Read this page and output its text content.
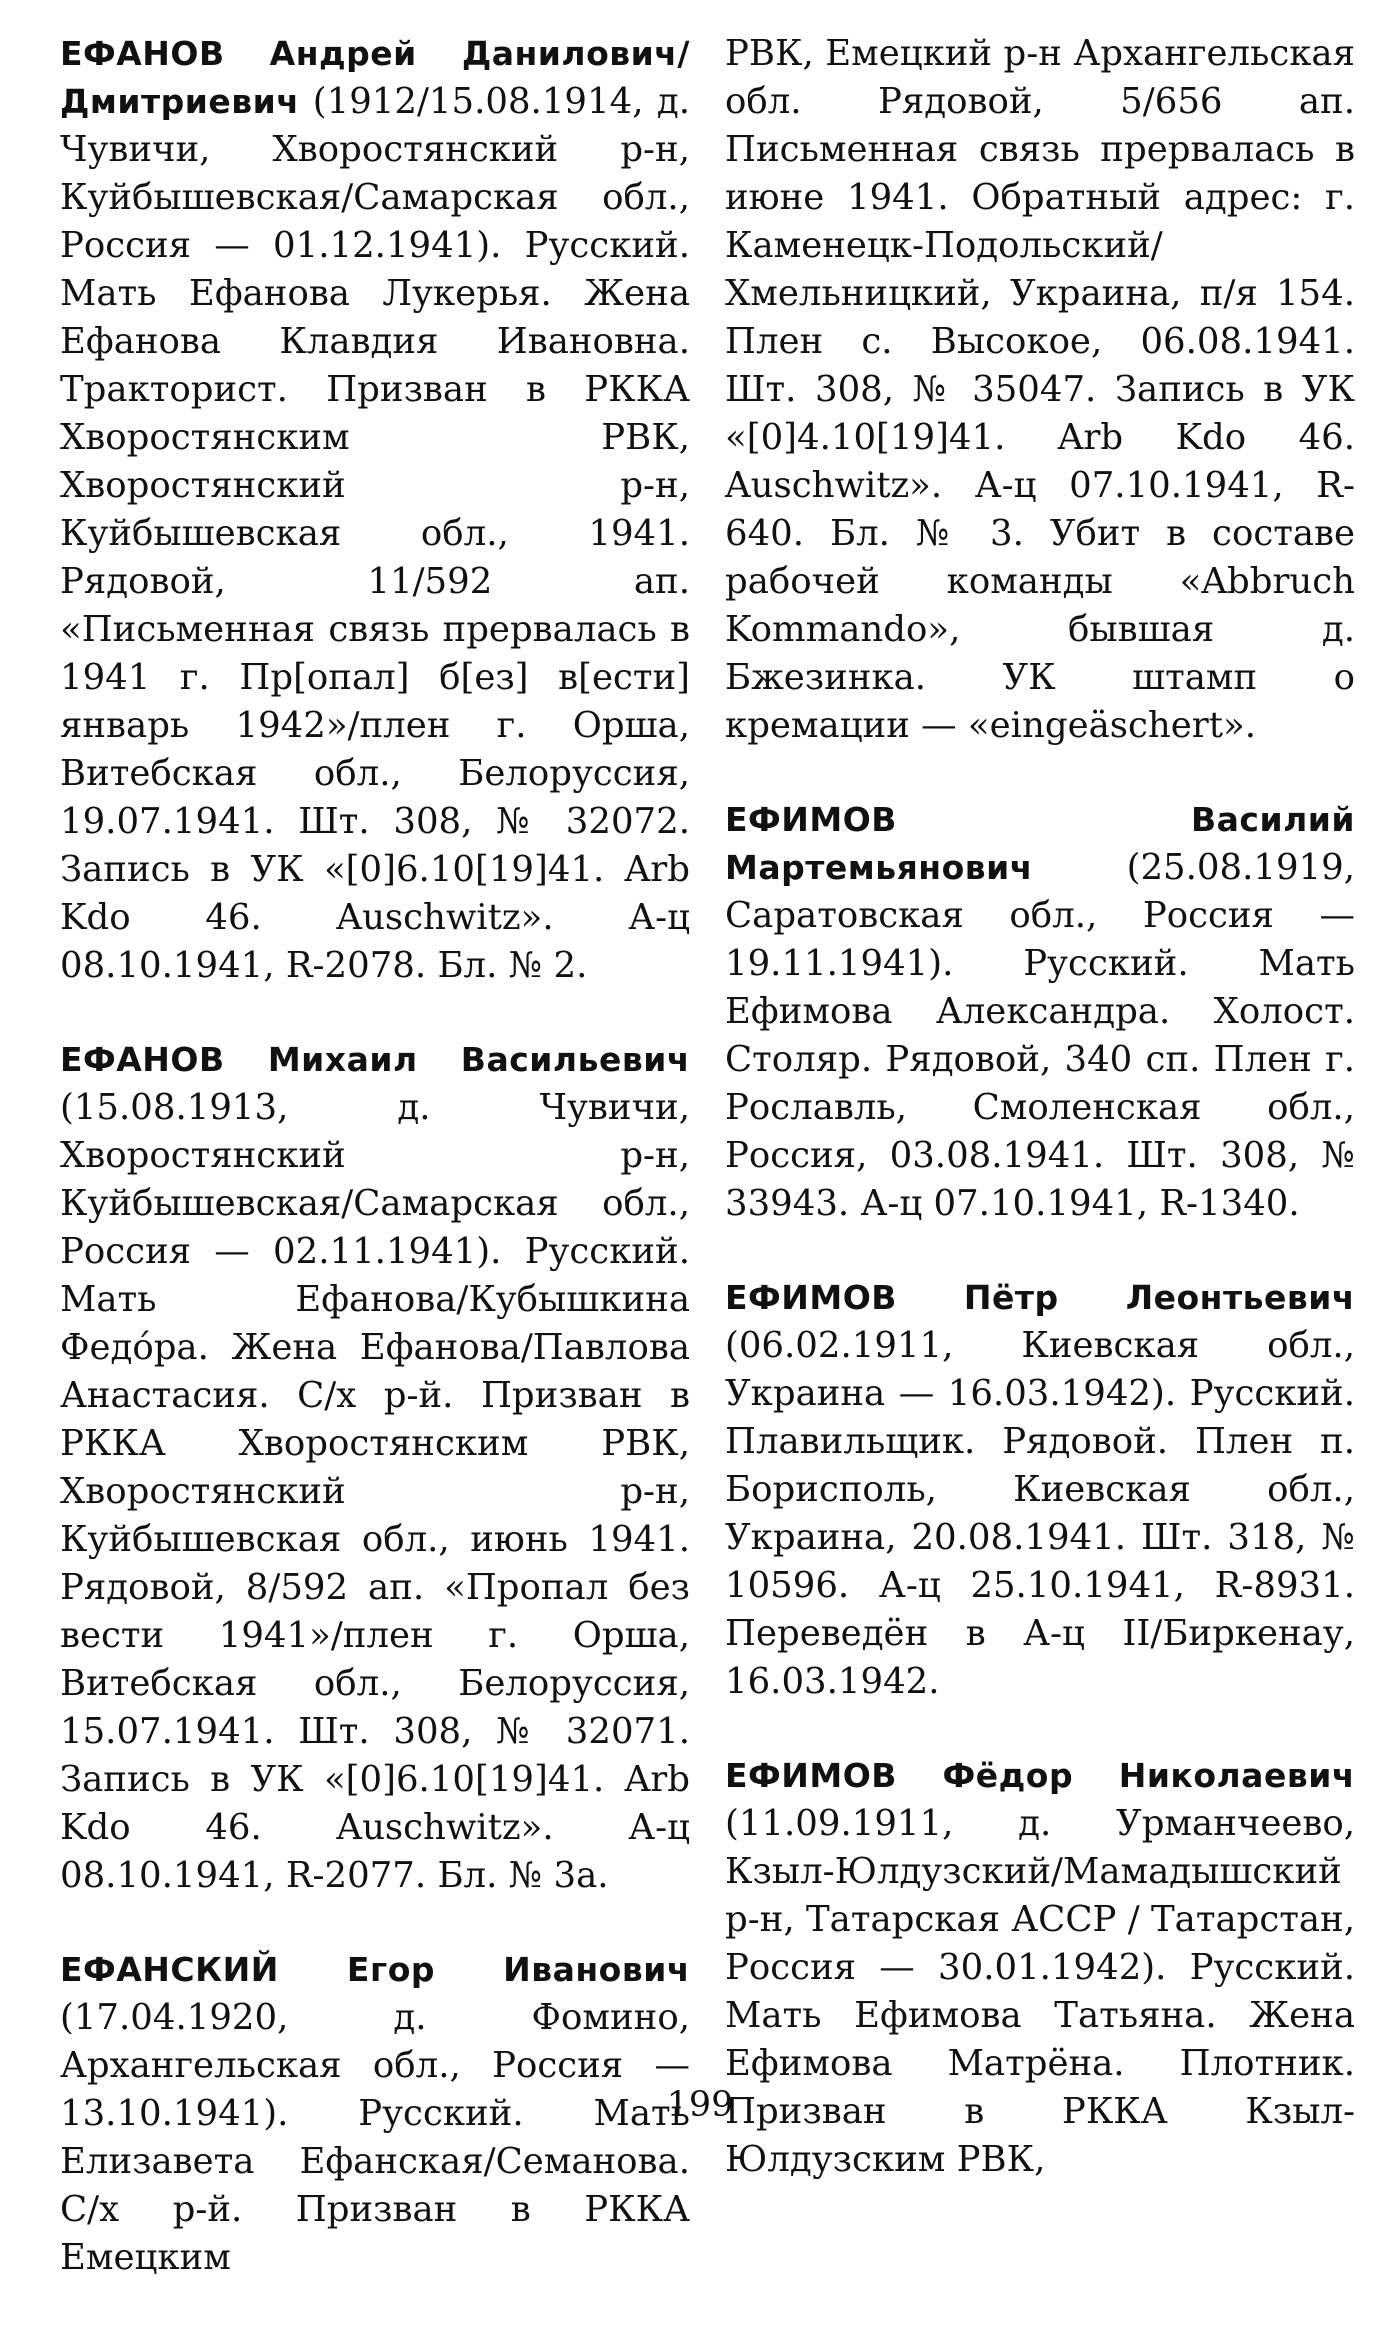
ЕФАНОВ Андрей Данилович/Дмитриевич (1912/15.08.1914, д. Чувичи, Хворостянский р-н, Куйбышевская/Самарская обл., Россия — 01.12.1941). Русский. Мать Ефанова Лукерья. Жена Ефанова Клавдия Ивановна. Тракторист. Призван в РККА Хворостянским РВК, Хворостянский р-н, Куйбышевская обл., 1941. Рядовой, 11/592 ап. «Письменная связь прервалась в 1941 г. Пр[опал] б[ез] в[ести] январь 1942»/плен г. Орша, Витебская обл., Белоруссия, 19.07.1941. Шт. 308, № 32072. Запись в УК «[0]6.10[19]41. Arb Kdo 46. Auschwitz». А-ц 08.10.1941, R-2078. Бл. № 2.

ЕФАНОВ Михаил Васильевич (15.08.1913, д. Чувичи, Хворостянский р-н, Куйбышевская/Самарская обл., Россия — 02.11.1941). Русский. Мать Ефанова/Кубышкина Федóра. Жена Ефанова/Павлова Анастасия. С/х р-й. Призван в РККА Хворостянским РВК, Хворостянский р-н, Куйбышевская обл., июнь 1941. Рядовой, 8/592 ап. «Пропал без вести 1941»/плен г. Орша, Витебская обл., Белоруссия, 15.07.1941. Шт. 308, № 32071. Запись в УК «[0]6.10[19]41. Arb Kdo 46. Auschwitz». А-ц 08.10.1941, R-2077. Бл. № 3а.

ЕФАНСКИЙ Егор Иванович (17.04.1920, д. Фомино, Архангельская обл., Россия — 13.10.1941). Русский. Мать Елизавета Ефанская/Семанова. С/х р-й. Призван в РККА Емецким

РВК, Емецкий р-н Архангельская обл. Рядовой, 5/656 ап. Письменная связь прервалась в июне 1941. Обратный адрес: г. Каменецк-Подольский/Хмельницкий, Украина, п/я 154. Плен с. Высокое, 06.08.1941. Шт. 308, № 35047. Запись в УК «[0]4.10[19]41. Arb Kdo 46. Auschwitz». А-ц 07.10.1941, R-640. Бл. № 3. Убит в составе рабочей команды «Abbruch Kommando», бывшая д. Бжезинка. УК штамп о кремации — «eingeäschert».

ЕФИМОВ Василий Мартемьянович (25.08.1919, Саратовская обл., Россия — 19.11.1941). Русский. Мать Ефимова Александра. Холост. Столяр. Рядовой, 340 сп. Плен г. Рославль, Смоленская обл., Россия, 03.08.1941. Шт. 308, № 33943. А-ц 07.10.1941, R-1340.

ЕФИМОВ Пётр Леонтьевич (06.02.1911, Киевская обл., Украина — 16.03.1942). Русский. Плавильщик. Рядовой. Плен п. Борисполь, Киевская обл., Украина, 20.08.1941. Шт. 318, № 10596. А-ц 25.10.1941, R-8931. Переведён в А-ц II/Биркенау, 16.03.1942.

ЕФИМОВ Фёдор Николаевич (11.09.1911, д. Урманчеево, Кзыл-Юлдузский/Мамадышский р-н, Татарская АССР / Татарстан, Россия — 30.01.1942). Русский. Мать Ефимова Татьяна. Жена Ефимова Матрёна. Плотник. Призван в РККА Кзыл-Юлдузским РВК,

199
